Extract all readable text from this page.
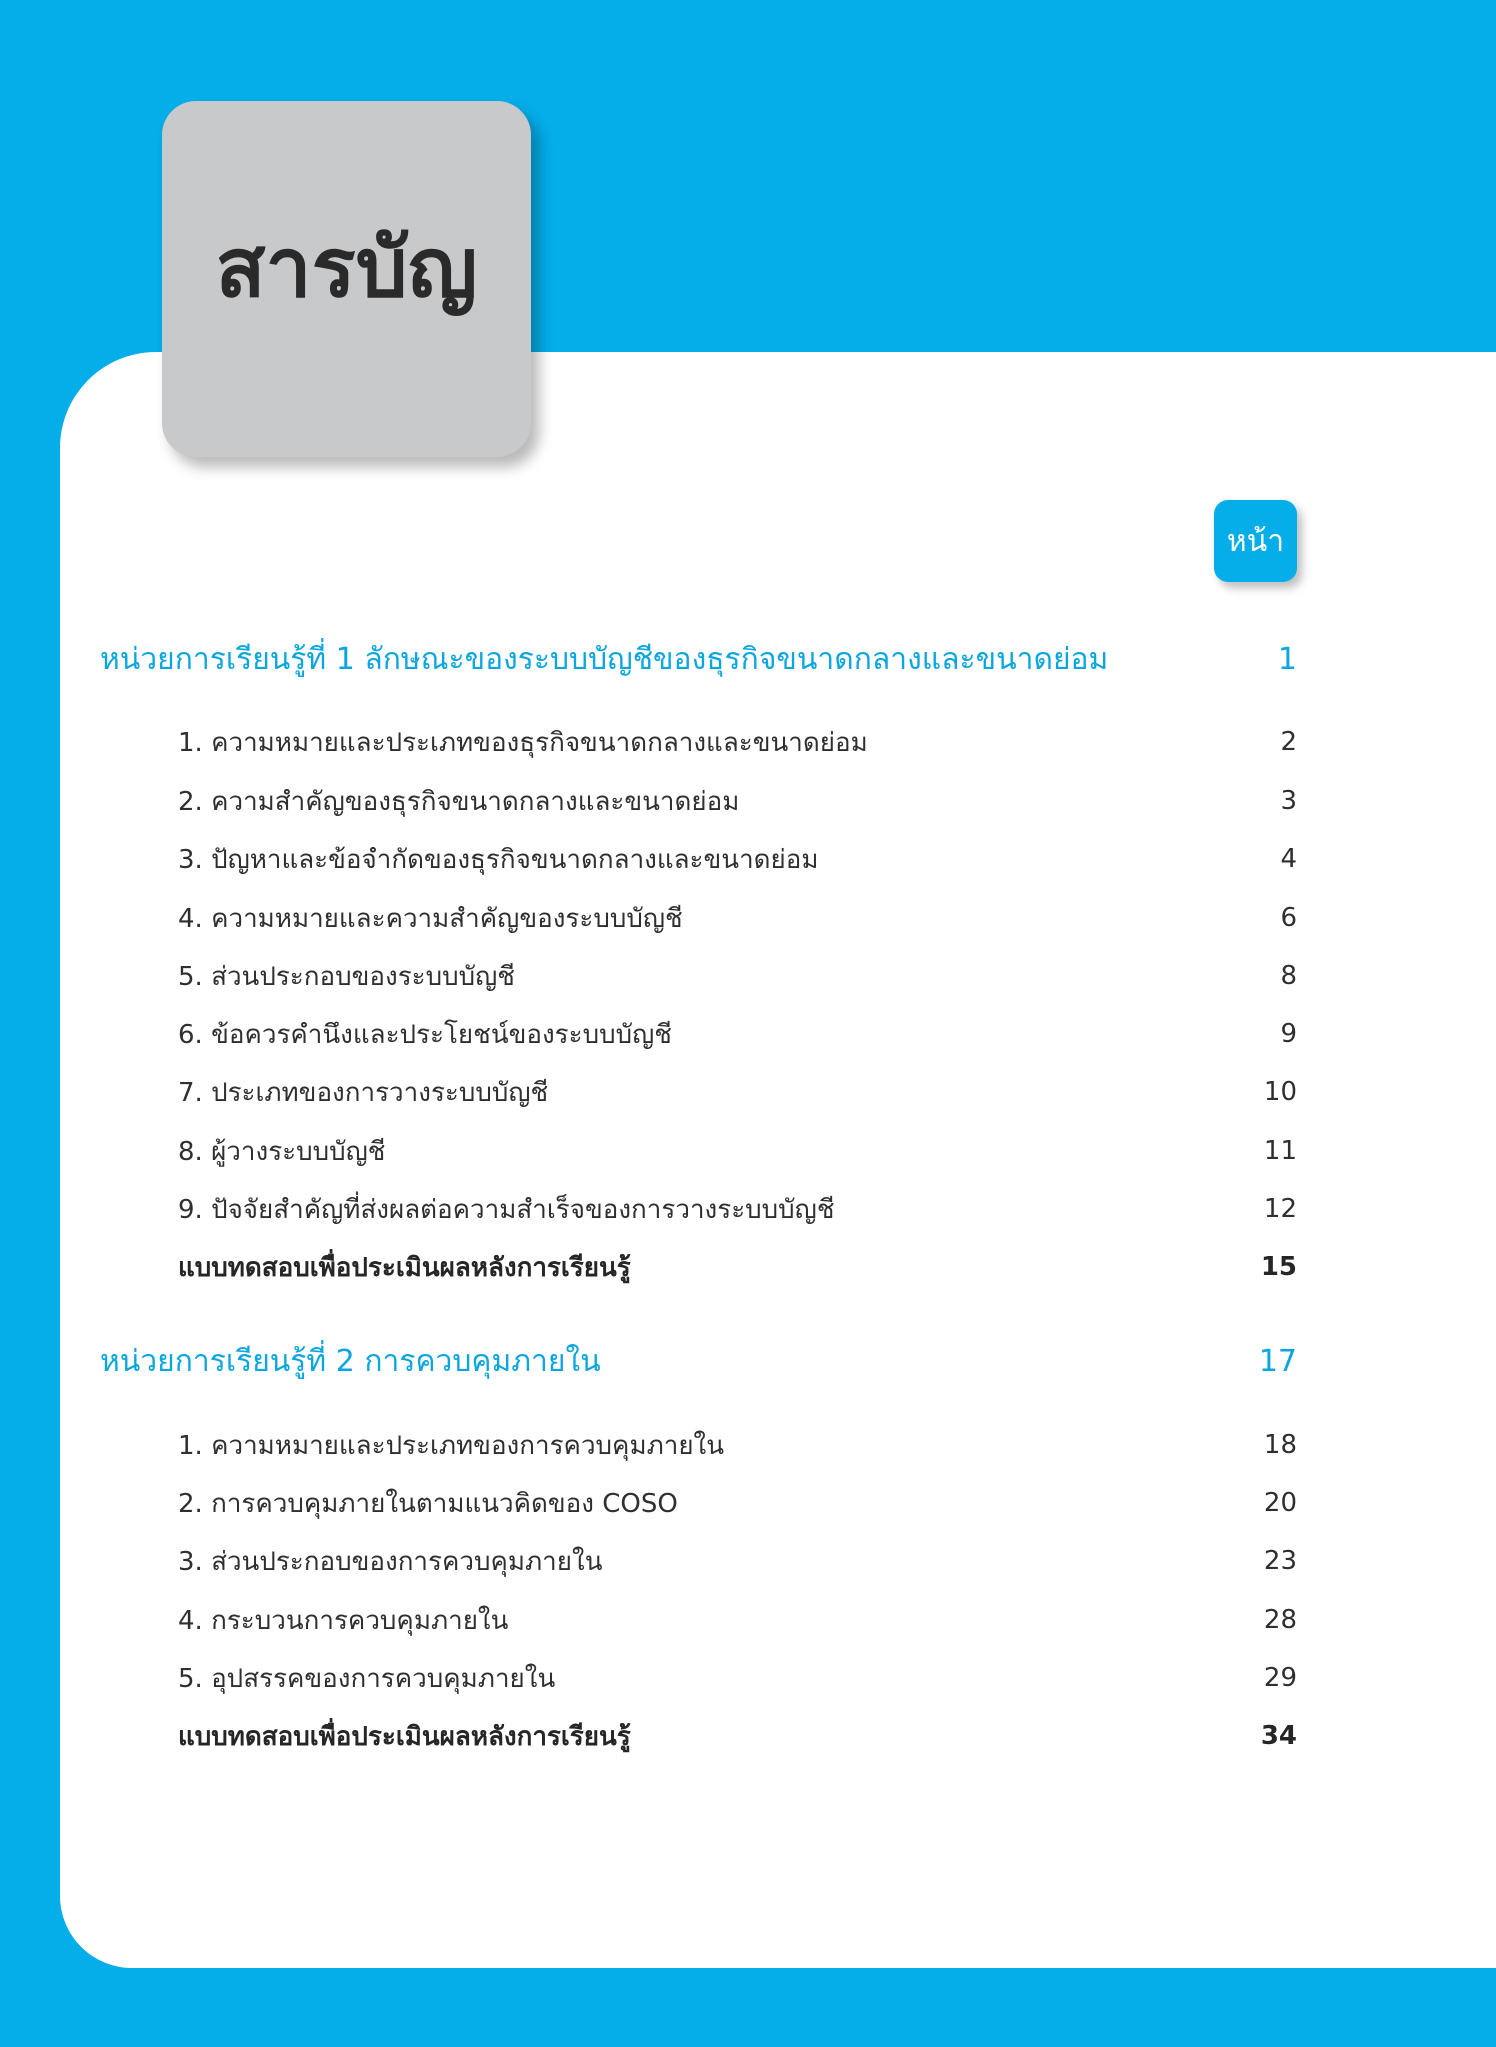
สารบัญ
หน้า
หน่วยการเรียนรู้ที่ 1 ลักษณะของระบบบัญชีของธุรกิจขนาดกลางและขนาดย่อม	1
1. ความหมายและประเภทของธุรกิจขนาดกลางและขนาดย่อม	2
2. ความสำคัญของธุรกิจขนาดกลางและขนาดย่อม	3
3. ปัญหาและข้อจำกัดของธุรกิจขนาดกลางและขนาดย่อม	4
4. ความหมายและความสำคัญของระบบบัญชี	6
5. ส่วนประกอบของระบบบัญชี	8
6. ข้อควรคำนึงและประโยชน์ของระบบบัญชี	9
7. ประเภทของการวางระบบบัญชี	10
8. ผู้วางระบบบัญชี	11
9. ปัจจัยสำคัญที่ส่งผลต่อความสำเร็จของการวางระบบบัญชี	12
แบบทดสอบเพื่อประเมินผลหลังการเรียนรู้	15
หน่วยการเรียนรู้ที่ 2 การควบคุมภายใน	17
1. ความหมายและประเภทของการควบคุมภายใน	18
2. การควบคุมภายในตามแนวคิดของ COSO	20
3. ส่วนประกอบของการควบคุมภายใน	23
4. กระบวนการควบคุมภายใน	28
5. อุปสรรคของการควบคุมภายใน	29
แบบทดสอบเพื่อประเมินผลหลังการเรียนรู้	34
